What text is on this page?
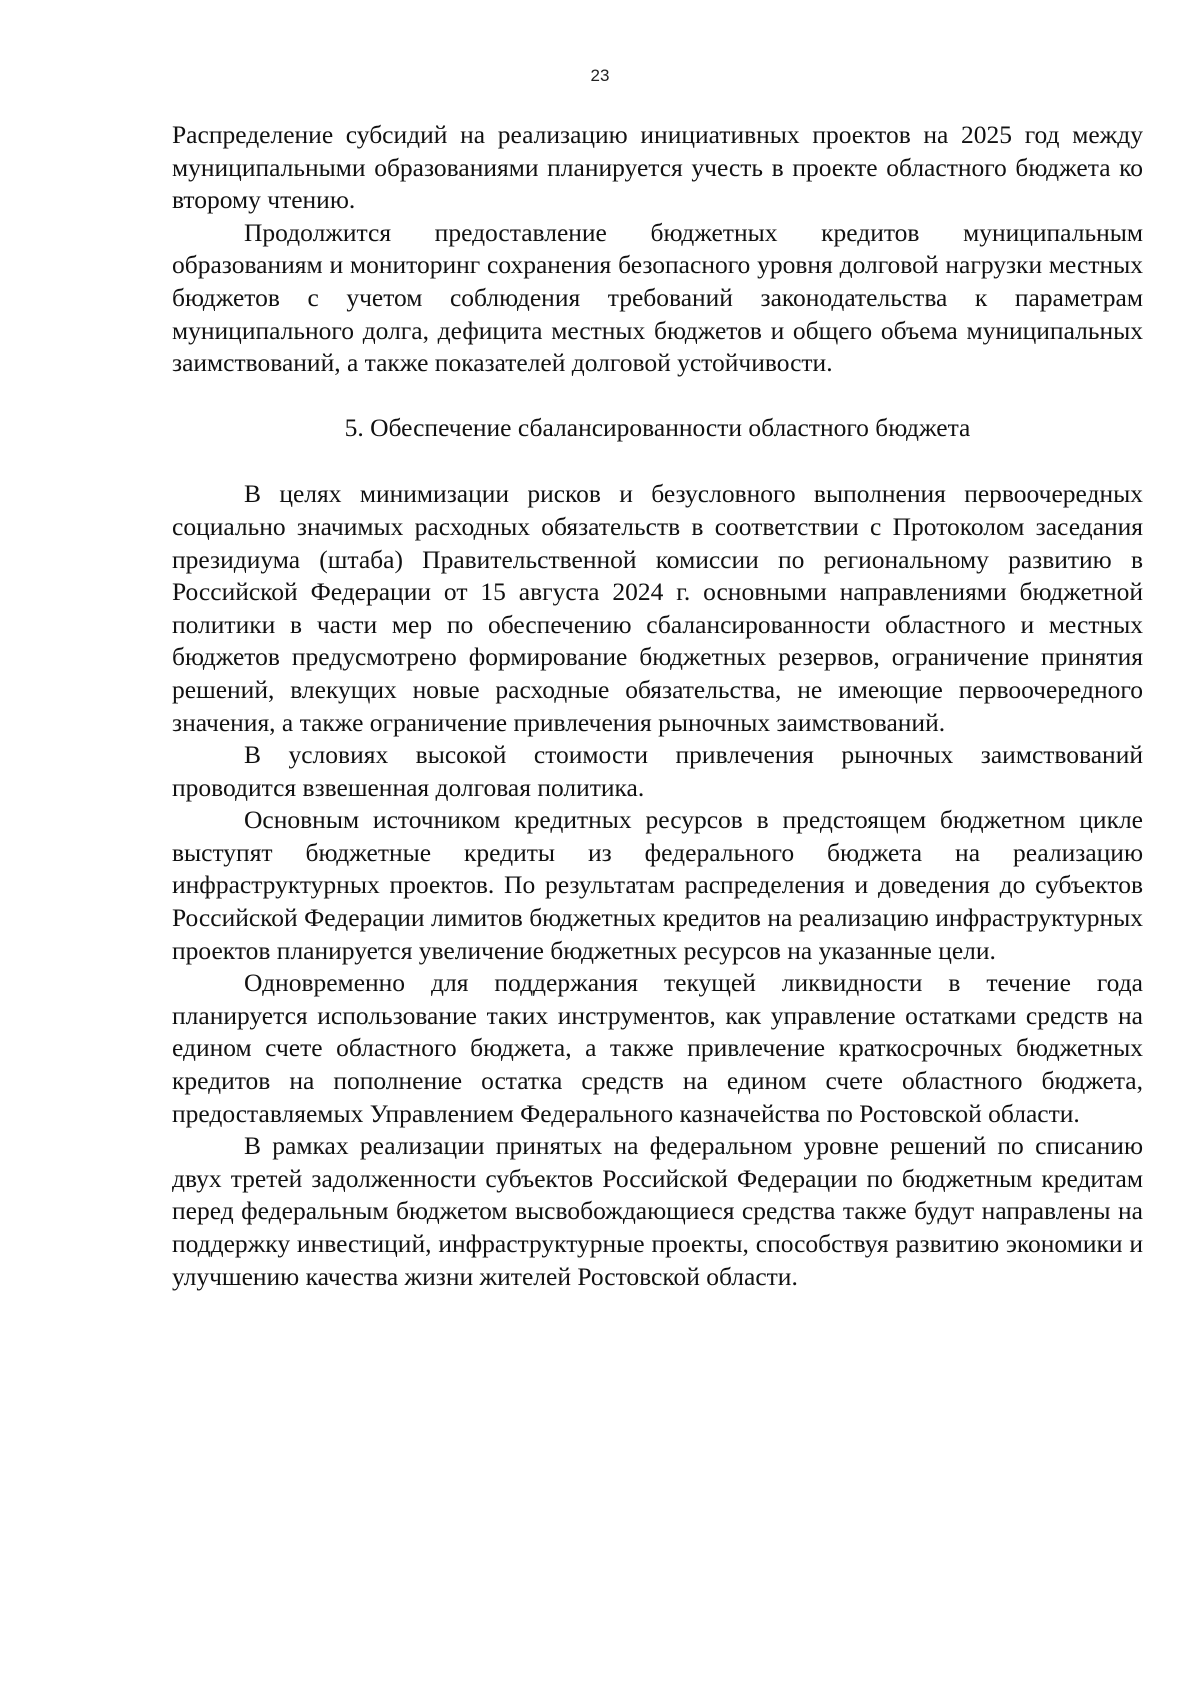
23

Распределение субсидий на реализацию инициативных проектов на 2025 год между муниципальными образованиями планируется учесть в проекте областного бюджета ко второму чтению.

Продолжится предоставление бюджетных кредитов муниципальным образованиям и мониторинг сохранения безопасного уровня долговой нагрузки местных бюджетов с учетом соблюдения требований законодательства к параметрам муниципального долга, дефицита местных бюджетов и общего объема муниципальных заимствований, а также показателей долговой устойчивости.

5. Обеспечение сбалансированности областного бюджета

В целях минимизации рисков и безусловного выполнения первоочередных социально значимых расходных обязательств в соответствии с Протоколом заседания президиума (штаба) Правительственной комиссии по региональному развитию в Российской Федерации от 15 августа 2024 г. основными направлениями бюджетной политики в части мер по обеспечению сбалансированности областного и местных бюджетов предусмотрено формирование бюджетных резервов, ограничение принятия решений, влекущих новые расходные обязательства, не имеющие первоочередного значения, а также ограничение привлечения рыночных заимствований.

В условиях высокой стоимости привлечения рыночных заимствований проводится взвешенная долговая политика.

Основным источником кредитных ресурсов в предстоящем бюджетном цикле выступят бюджетные кредиты из федерального бюджета на реализацию инфраструктурных проектов. По результатам распределения и доведения до субъектов Российской Федерации лимитов бюджетных кредитов на реализацию инфраструктурных проектов планируется увеличение бюджетных ресурсов на указанные цели.

Одновременно для поддержания текущей ликвидности в течение года планируется использование таких инструментов, как управление остатками средств на едином счете областного бюджета, а также привлечение краткосрочных бюджетных кредитов на пополнение остатка средств на едином счете областного бюджета, предоставляемых Управлением Федерального казначейства по Ростовской области.

В рамках реализации принятых на федеральном уровне решений по списанию двух третей задолженности субъектов Российской Федерации по бюджетным кредитам перед федеральным бюджетом высвобождающиеся средства также будут направлены на поддержку инвестиций, инфраструктурные проекты, способствуя развитию экономики и улучшению качества жизни жителей Ростовской области.
